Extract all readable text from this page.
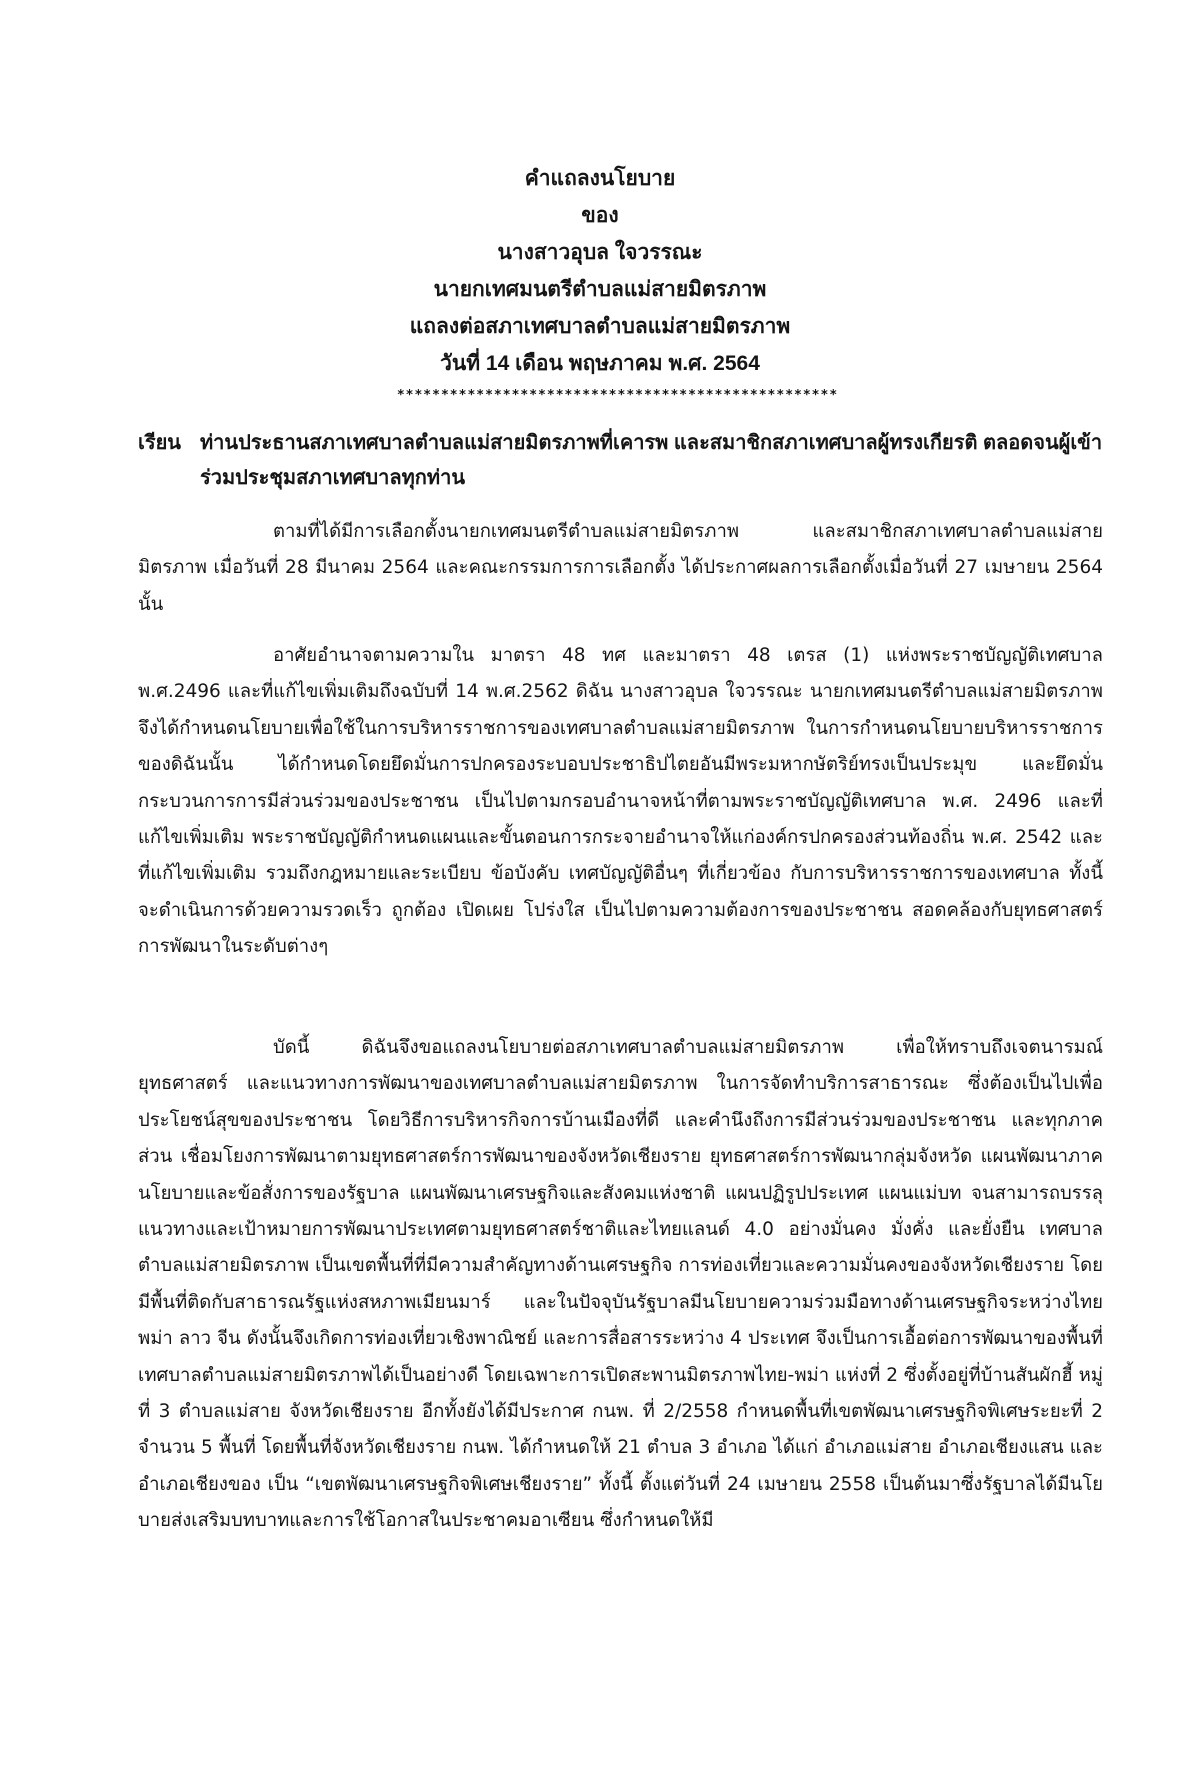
คำแถลงนโยบาย
ของ
นางสาวอุบล ใจวรรณะ
นายกเทศมนตรีตำบลแม่สายมิตรภาพ
แถลงต่อสภาเทศบาลตำบลแม่สายมิตรภาพ
วันที่ 14 เดือน พฤษภาคม พ.ศ. 2564
**************************************************
เรียน ท่านประธานสภาเทศบาลตำบลแม่สายมิตรภาพที่เคารพ และสมาชิกสภาเทศบาลผู้ทรงเกียรติ ตลอดจนผู้เข้าร่วมประชุมสภาเทศบาลทุกท่าน

ตามที่ได้มีการเลือกตั้งนายกเทศมนตรีตำบลแม่สายมิตรภาพ และสมาชิกสภาเทศบาลตำบลแม่สายมิตรภาพ เมื่อวันที่ 28 มีนาคม 2564 และคณะกรรมการการเลือกตั้ง ได้ประกาศผลการเลือกตั้งเมื่อวันที่ 27 เมษายน 2564 นั้น

อาศัยอำนาจตามความใน มาตรา 48 ทศ และมาตรา 48 เตรส (1) แห่งพระราชบัญญัติเทศบาล พ.ศ.2496 และที่แก้ไขเพิ่มเติมถึงฉบับที่ 14 พ.ศ.2562 ดิฉัน นางสาวอุบล ใจวรรณะ นายกเทศมนตรีตำบลแม่สายมิตรภาพ จึงได้กำหนดนโยบายเพื่อใช้ในการบริหารราชการของเทศบาลตำบลแม่สายมิตรภาพ ในการกำหนดนโยบายบริหารราชการของดิฉันนั้น ได้กำหนดโดยยึดมั่นการปกครองระบอบประชาธิปไตยอันมีพระมหากษัตริย์ทรงเป็นประมุข และยึดมั่นกระบวนการการมีส่วนร่วมของประชาชน เป็นไปตามกรอบอำนาจหน้าที่ตามพระราชบัญญัติเทศบาล พ.ศ. 2496 และที่แก้ไขเพิ่มเติม พระราชบัญญัติกำหนดแผนและขั้นตอนการกระจายอำนาจให้แก่องค์กรปกครองส่วนท้องถิ่น พ.ศ. 2542 และที่แก้ไขเพิ่มเติม รวมถึงกฎหมายและระเบียบ ข้อบังคับ เทศบัญญัติอื่นๆ ที่เกี่ยวข้อง กับการบริหารราชการของเทศบาล ทั้งนี้จะดำเนินการด้วยความรวดเร็ว ถูกต้อง เปิดเผย โปร่งใส เป็นไปตามความต้องการของประชาชน สอดคล้องกับยุทธศาสตร์การพัฒนาในระดับต่างๆ

บัดนี้ ดิฉันจึงขอแถลงนโยบายต่อสภาเทศบาลตำบลแม่สายมิตรภาพ เพื่อให้ทราบถึงเจตนารมณ์ ยุทธศาสตร์ และแนวทางการพัฒนาของเทศบาลตำบลแม่สายมิตรภาพ ในการจัดทำบริการสาธารณะ ซึ่งต้องเป็นไปเพื่อประโยชน์สุขของประชาชน โดยวิธีการบริหารกิจการบ้านเมืองที่ดี และคำนึงถึงการมีส่วนร่วมของประชาชน และทุกภาคส่วน เชื่อมโยงการพัฒนาตามยุทธศาสตร์การพัฒนาของจังหวัดเชียงราย ยุทธศาสตร์การพัฒนากลุ่มจังหวัด แผนพัฒนาภาค นโยบายและข้อสั่งการของรัฐบาล แผนพัฒนาเศรษฐกิจและสังคมแห่งชาติ แผนปฏิรูปประเทศ แผนแม่บท จนสามารถบรรลุแนวทางและเป้าหมายการพัฒนาประเทศตามยุทธศาสตร์ชาติและไทยแลนด์ 4.0 อย่างมั่นคง มั่งคั่ง และยั่งยืน เทศบาลตำบลแม่สายมิตรภาพ เป็นเขตพื้นที่ที่มีความสำคัญทางด้านเศรษฐกิจ การท่องเที่ยวและความมั่นคงของจังหวัดเชียงราย โดยมีพื้นที่ติดกับสาธารณรัฐแห่งสหภาพเมียนมาร์ และในปัจจุบันรัฐบาลมีนโยบายความร่วมมือทางด้านเศรษฐกิจระหว่างไทย พม่า ลาว จีน ดังนั้นจึงเกิดการท่องเที่ยวเชิงพาณิชย์ และการสื่อสารระหว่าง 4 ประเทศ จึงเป็นการเอื้อต่อการพัฒนาของพื้นที่เทศบาลตำบลแม่สายมิตรภาพได้เป็นอย่างดี โดยเฉพาะการเปิดสะพานมิตรภาพไทย-พม่า แห่งที่ 2 ซึ่งตั้งอยู่ที่บ้านสันผักฮี้ หมู่ที่ 3 ตำบลแม่สาย จังหวัดเชียงราย อีกทั้งยังได้มีประกาศ กนพ. ที่ 2/2558 กำหนดพื้นที่เขตพัฒนาเศรษฐกิจพิเศษระยะที่ 2 จำนวน 5 พื้นที่ โดยพื้นที่จังหวัดเชียงราย กนพ. ได้กำหนดให้ 21 ตำบล 3 อำเภอ ได้แก่ อำเภอแม่สาย อำเภอเชียงแสน และอำเภอเชียงของ เป็น “เขตพัฒนาเศรษฐกิจพิเศษเชียงราย” ทั้งนี้ ตั้งแต่วันที่ 24 เมษายน 2558 เป็นต้นมาซึ่งรัฐบาลได้มีนโยบายส่งเสริมบทบาทและการใช้โอกาสในประชาคมอาเซียน ซึ่งกำหนดให้มี
